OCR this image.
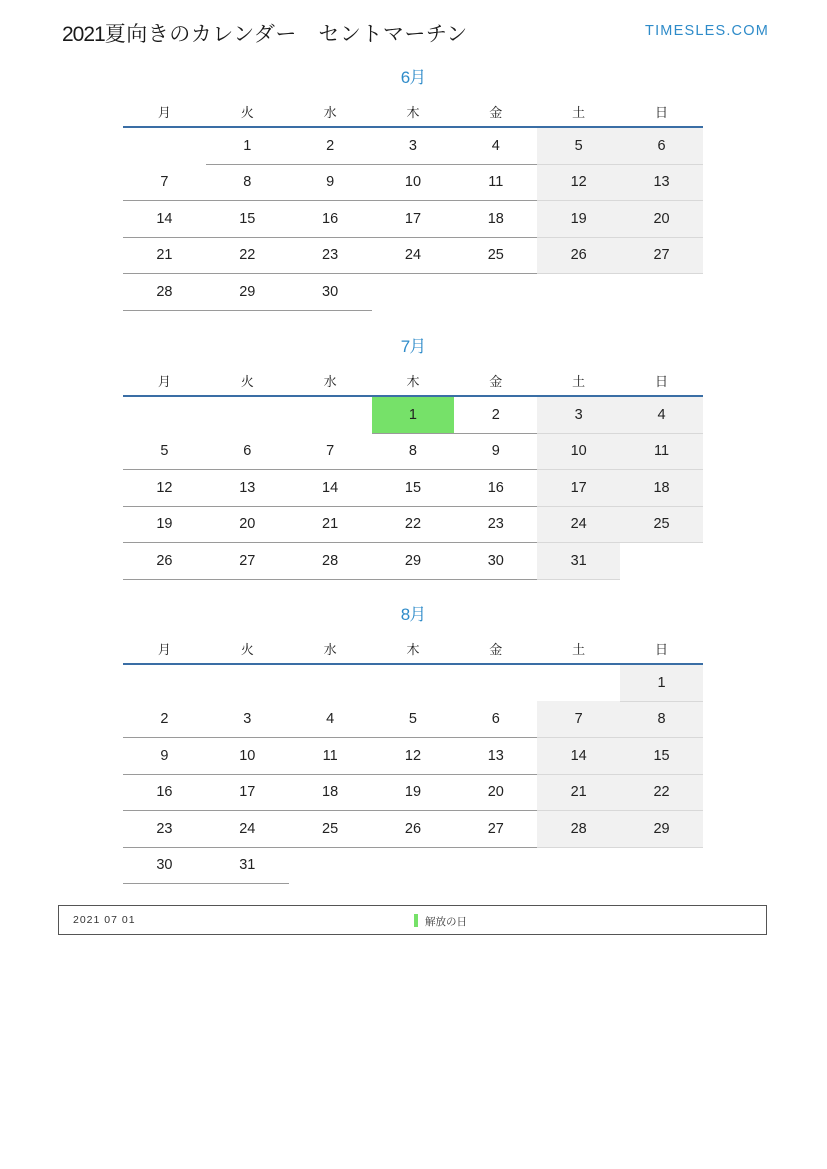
2021夏向きのカレンダー　セントマーチン	TIMESLES.COM
6月
月	火	水	木	金	土	日
	1	2	3	4	5	6
7	8	9	10	11	12	13
14	15	16	17	18	19	20
21	22	23	24	25	26	27
28	29	30				
7月
月	火	水	木	金	土	日
			1	2	3	4
5	6	7	8	9	10	11
12	13	14	15	16	17	18
19	20	21	22	23	24	25
26	27	28	29	30	31	
8月
月	火	水	木	金	土	日
						1
2	3	4	5	6	7	8
9	10	11	12	13	14	15
16	17	18	19	20	21	22
23	24	25	26	27	28	29
30	31					
2021 07 01	解放の日
